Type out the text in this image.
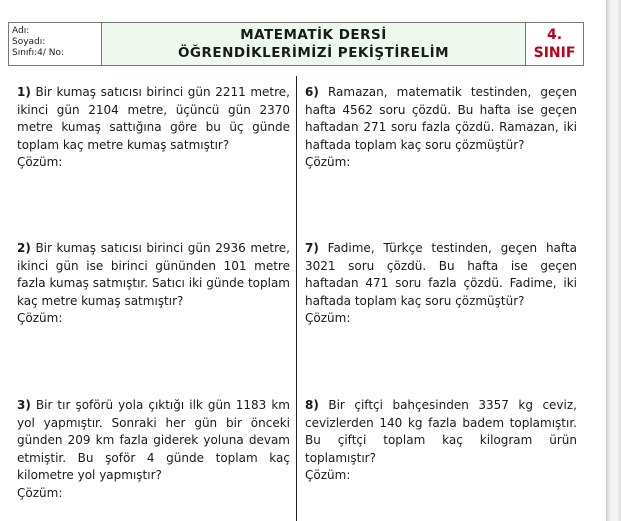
Adı:
Soyadı:
Sınıfı:4/ No:
MATEMATİK DERSİ
ÖĞRENDİKLERİMİZİ PEKİŞTİRELİM
4.
SINIF
1) Bir kumaş satıcısı birinci gün 2211 metre, ikinci gün 2104 metre, üçüncü gün 2370 metre kumaş sattığına göre bu üç günde toplam kaç metre kumaş satmıştır?
Çözüm:
2) Bir kumaş satıcısı birinci gün 2936 metre, ikinci gün ise birinci gününden 101 metre fazla kumaş satmıştır. Satıcı iki günde toplam kaç metre kumaş satmıştır?
Çözüm:
3) Bir tır şoförü yola çıktığı ilk gün 1183 km yol yapmıştır. Sonraki her gün bir önceki günden 209 km fazla giderek yoluna devam etmiştir. Bu şoför 4 günde toplam kaç kilometre yol yapmıştır?
Çözüm:
6) Ramazan, matematik testinden, geçen hafta 4562 soru çözdü. Bu hafta ise geçen haftadan 271 soru fazla çözdü. Ramazan, iki haftada toplam kaç soru çözmüştür?
Çözüm:
7) Fadime, Türkçe testinden, geçen hafta 3021 soru çözdü. Bu hafta ise geçen haftadan 471 soru fazla çözdü. Fadime, iki haftada toplam kaç soru çözmüştür?
Çözüm:
8) Bir çiftçi bahçesinden 3357 kg ceviz, cevizlerden 140 kg fazla badem toplamıştır. Bu çiftçi toplam kaç kilogram ürün toplamıştır?
Çözüm:
